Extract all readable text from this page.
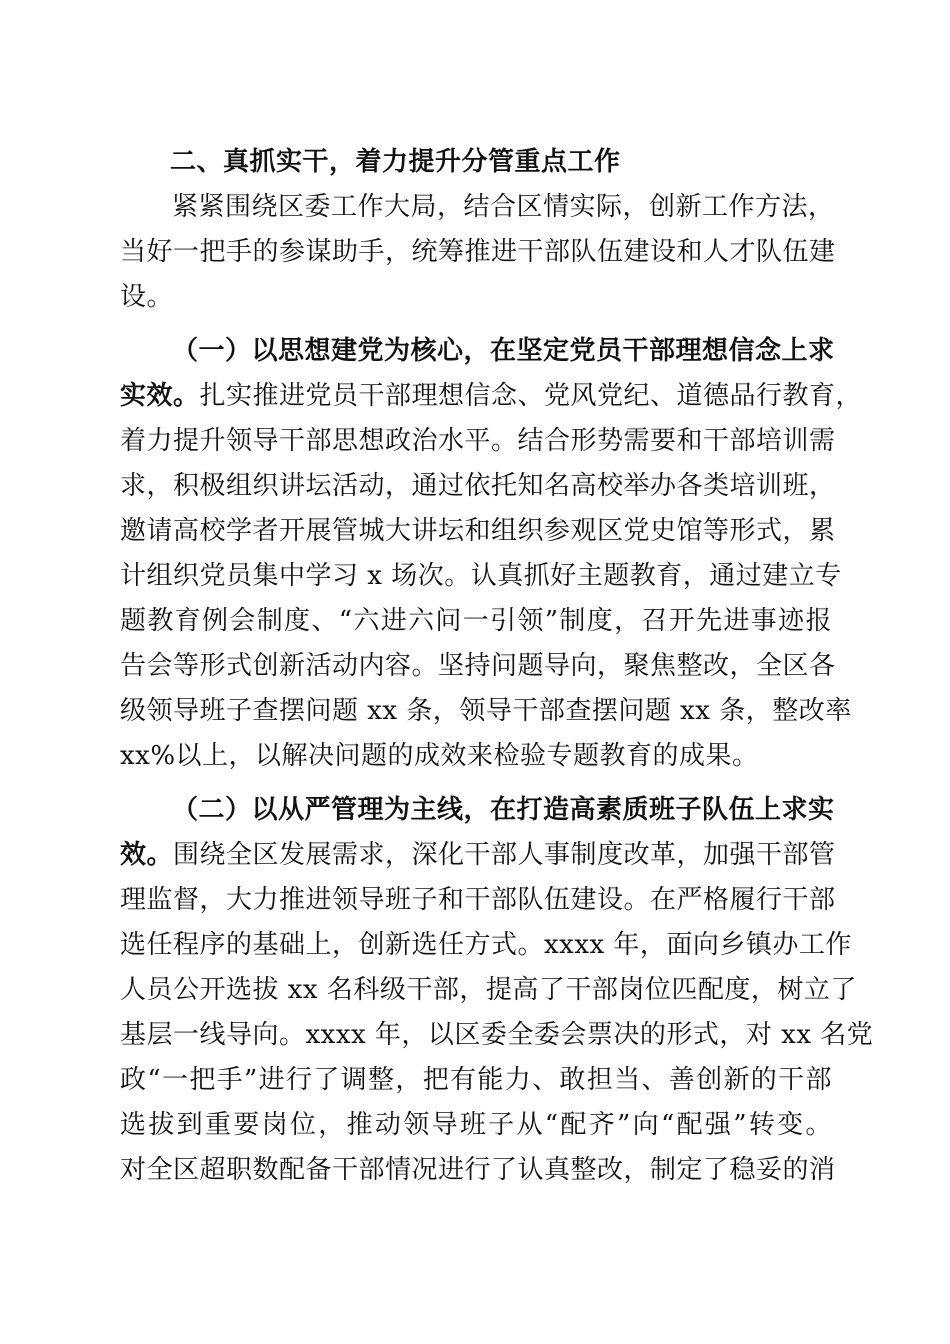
二、真抓实干，着力提升分管重点工作
紧紧围绕区委工作大局，结合区情实际，创新工作方法，
当好一把手的参谋助手，统筹推进干部队伍建设和人才队伍建
设。
（一）以思想建党为核心，在坚定党员干部理想信念上求
实效。扎实推进党员干部理想信念、党风党纪、道德品行教育，
着力提升领导干部思想政治水平。结合形势需要和干部培训需
求，积极组织讲坛活动，通过依托知名高校举办各类培训班，
邀请高校学者开展管城大讲坛和组织参观区党史馆等形式，累
计组织党员集中学习 x 场次。认真抓好主题教育，通过建立专
题教育例会制度、“六进六问一引领”制度，召开先进事迹报
告会等形式创新活动内容。坚持问题导向，聚焦整改，全区各
级领导班子查摆问题 xx 条，领导干部查摆问题 xx 条，整改率
xx%以上，以解决问题的成效来检验专题教育的成果。
（二）以从严管理为主线，在打造高素质班子队伍上求实
效。围绕全区发展需求，深化干部人事制度改革，加强干部管
理监督，大力推进领导班子和干部队伍建设。在严格履行干部
选任程序的基础上，创新选任方式。xxxx 年，面向乡镇办工作
人员公开选拔 xx 名科级干部，提高了干部岗位匹配度，树立了
基层一线导向。xxxx 年，以区委全委会票决的形式，对 xx 名党
政“一把手”进行了调整，把有能力、敢担当、善创新的干部
选拔到重要岗位，推动领导班子从“配齐”向“配强”转变。
对全区超职数配备干部情况进行了认真整改，制定了稳妥的消
